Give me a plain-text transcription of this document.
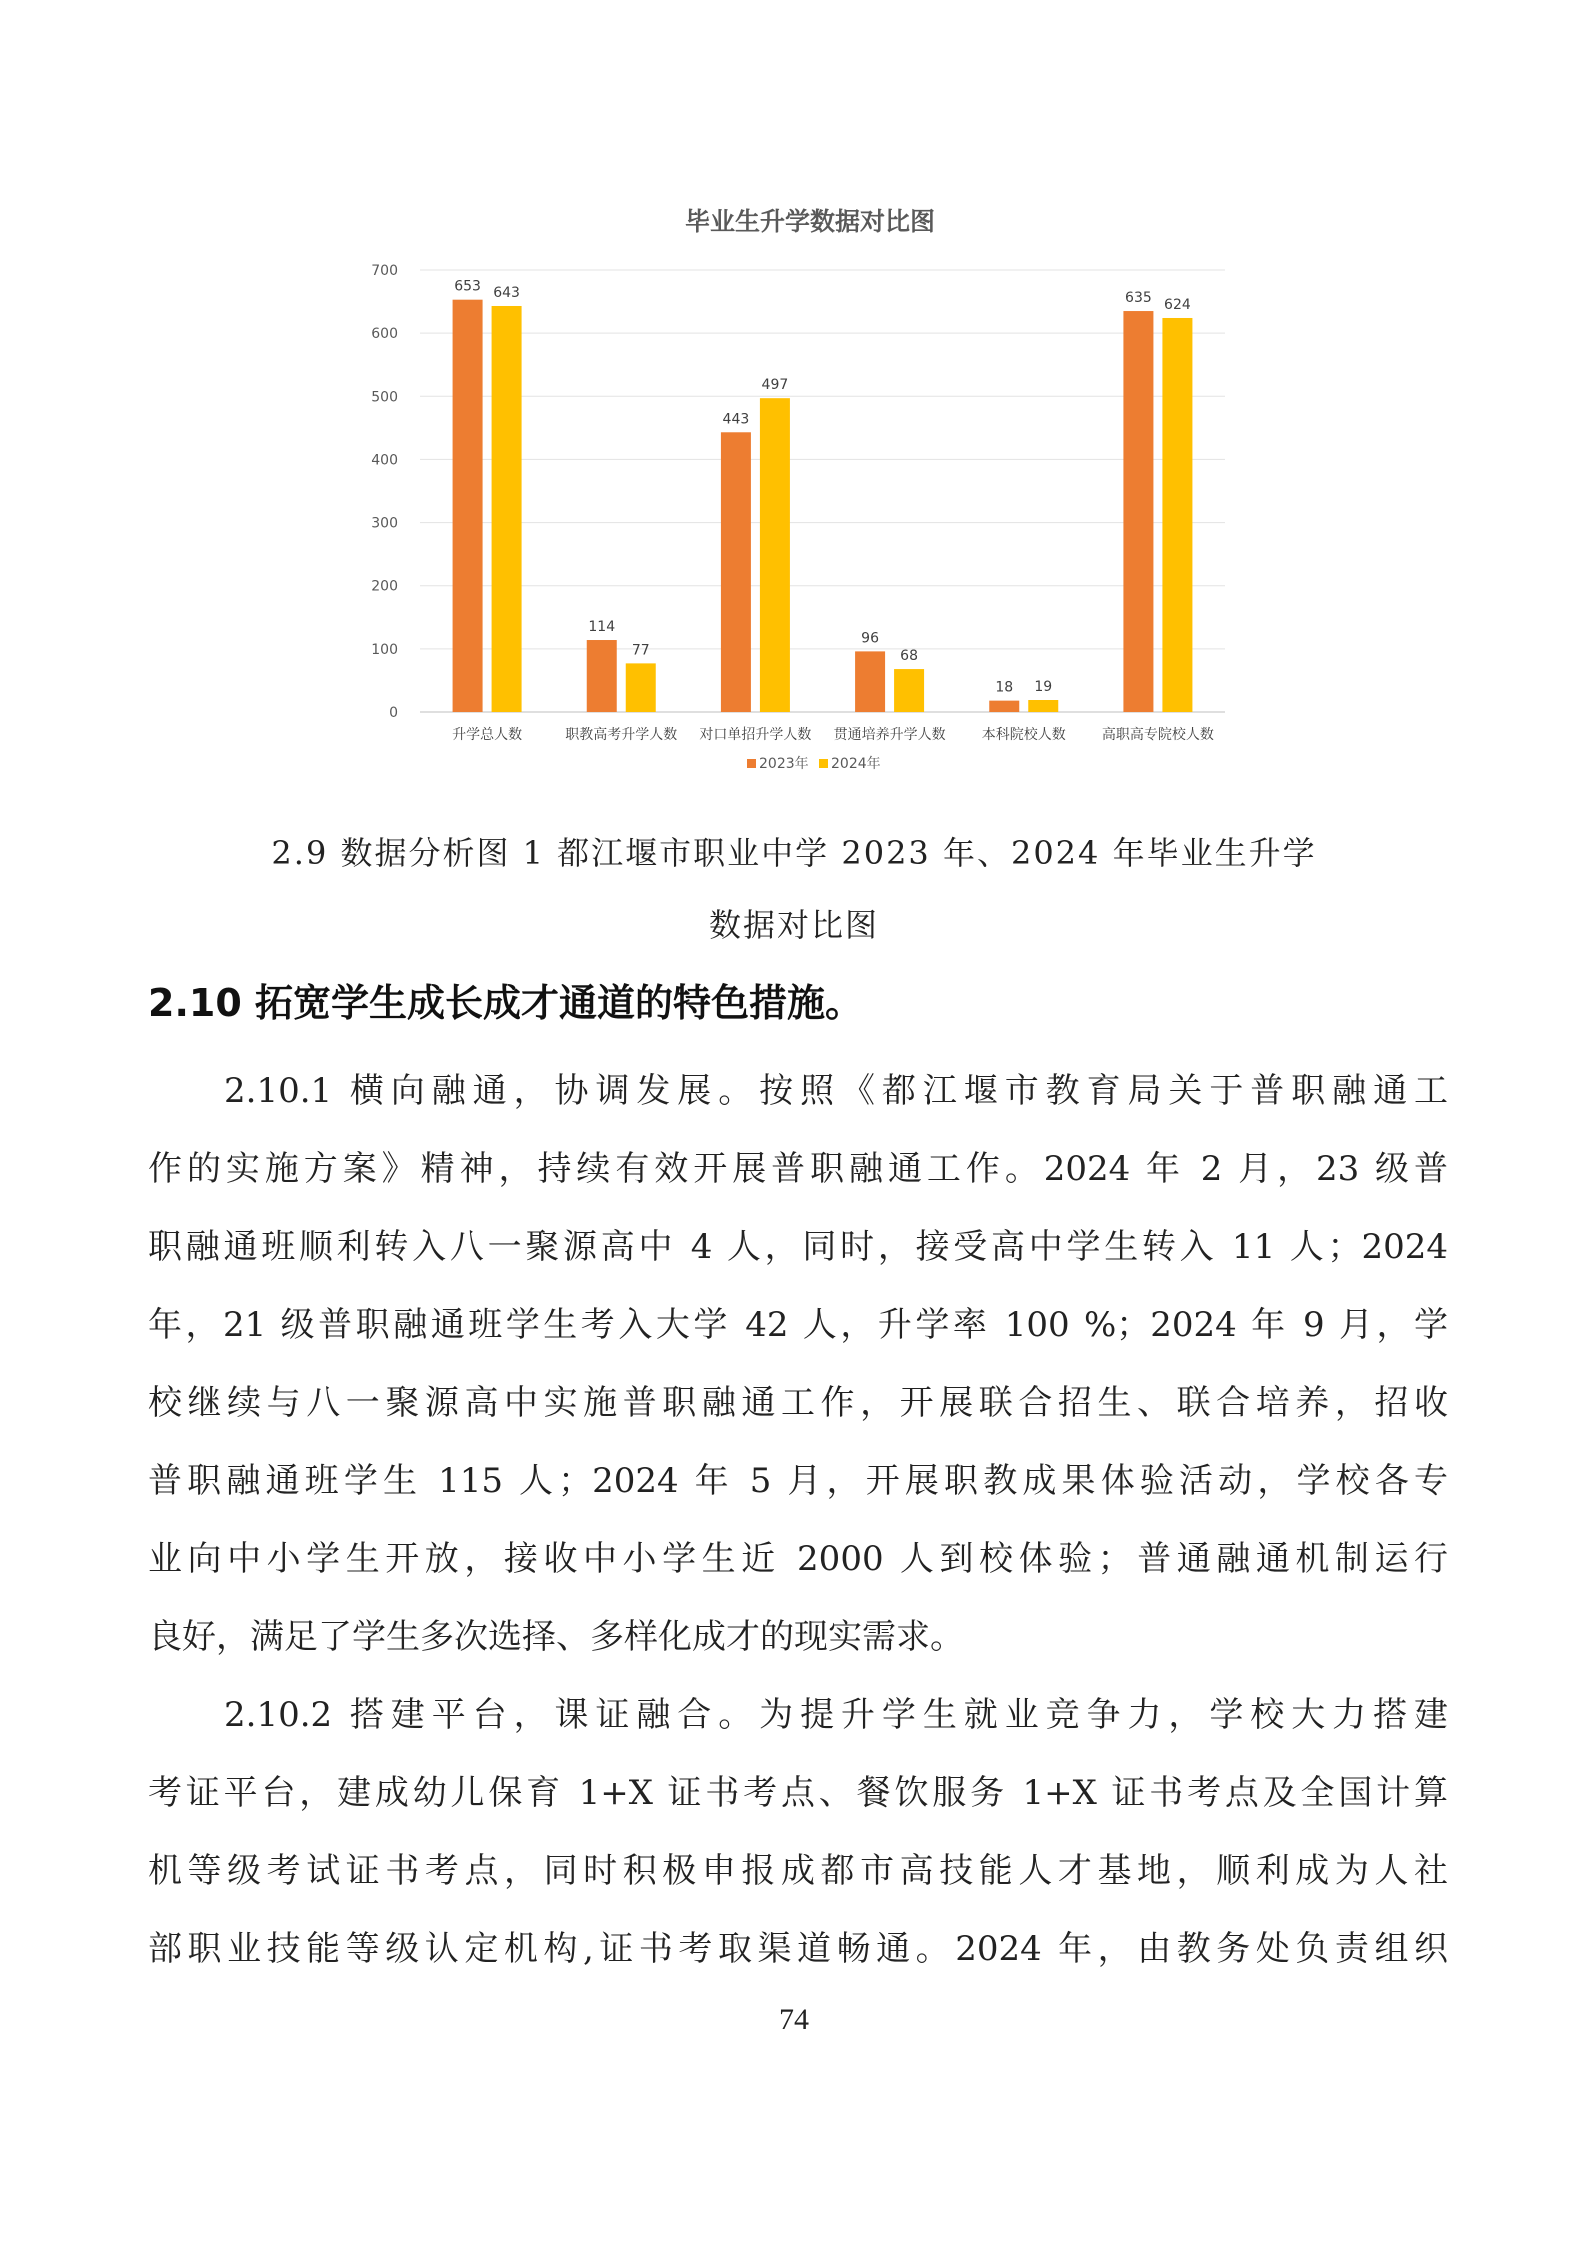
毕业生升学数据对比图
0
100
200
300
400
500
600
700
653 643
升学总人数
114
77
职教高考升学人数
443
497
对口单招升学人数
96
68
贯通培养升学人数
18 19
本科院校人数
635 624
高职高专院校人数
2023年 2024年
2.9 数据分析图 1 都江堰市职业中学 2023 年、2024 年毕业生升学
数据对比图
2.10 拓宽学生成长成才通道的特色措施。
2.10.1 横向融通，协调发展。按照《都江堰市教育局关于普职融通工
作的实施方案》精神，持续有效开展普职融通工作。2024 年 2 月，23 级普
职融通班顺利转入八一聚源高中 4 人，同时，接受高中学生转入 11 人；2024
年，21 级普职融通班学生考入大学 42 人，升学率 100 %；2024 年 9 月，学
校继续与八一聚源高中实施普职融通工作，开展联合招生、联合培养，招收
普职融通班学生 115 人；2024 年 5 月，开展职教成果体验活动，学校各专
业向中小学生开放，接收中小学生近 2000 人到校体验；普通融通机制运行
良好，满足了学生多次选择、多样化成才的现实需求。
2.10.2 搭建平台，课证融合。为提升学生就业竞争力，学校大力搭建
考证平台，建成幼儿保育 1+X 证书考点、餐饮服务 1+X 证书考点及全国计算
机等级考试证书考点，同时积极申报成都市高技能人才基地，顺利成为人社
部职业技能等级认定机构,证书考取渠道畅通。2024 年，由教务处负责组织
74
